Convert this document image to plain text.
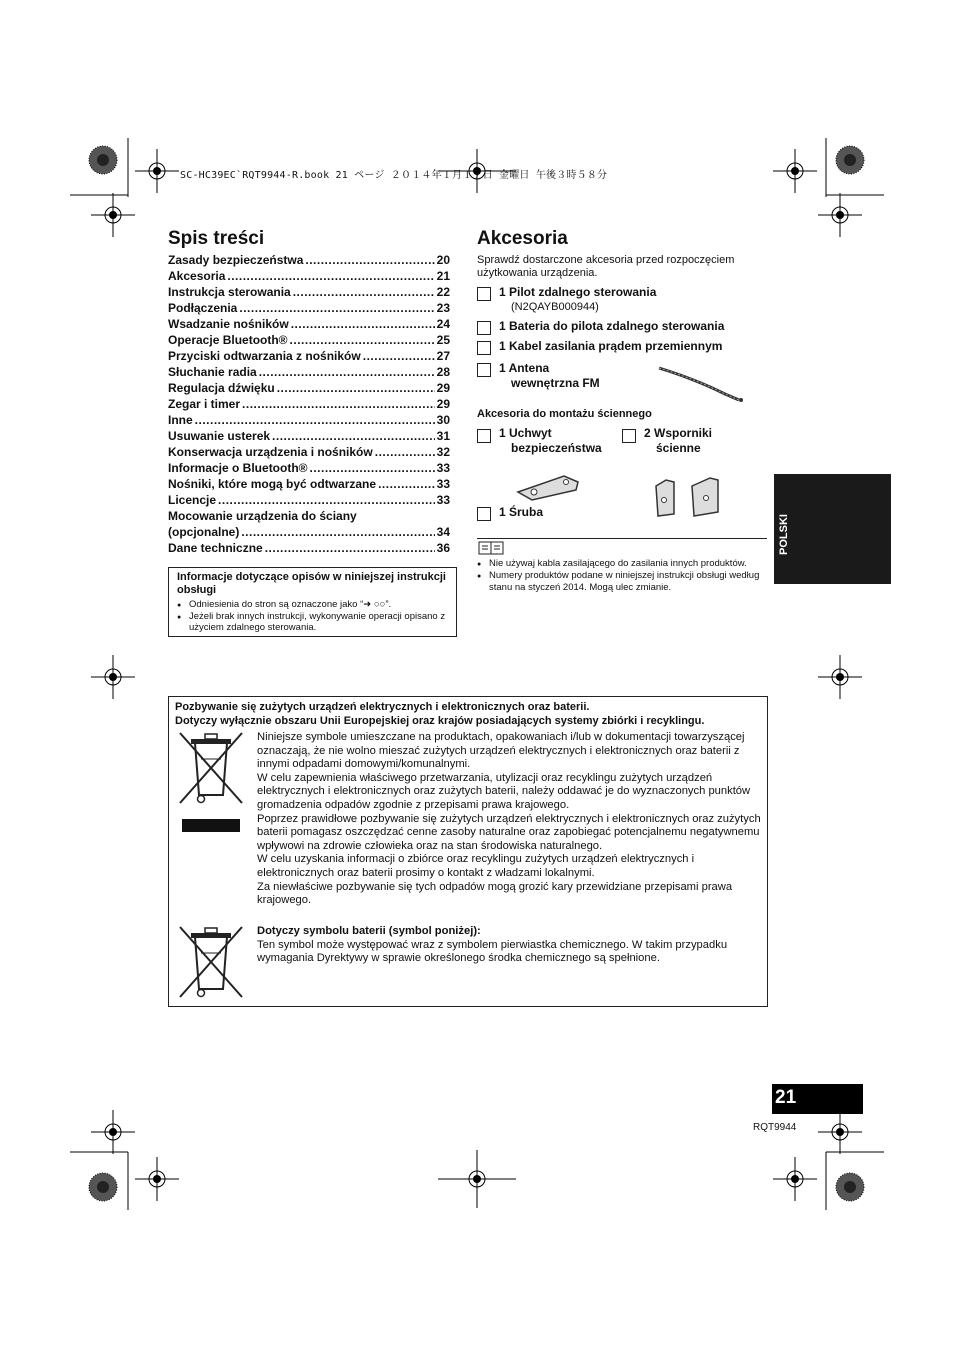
SC-HC39EC`RQT9944-R.book 21 ページ ２０１４年１月１７日 金曜日 午後３時５８分
Spis treści
Zasady bezpieczeństwa .....	20
Akcesoria .....	21
Instrukcja sterowania .....	22
Podłączenia .....	23
Wsadzanie nośników .....	24
Operacje Bluetooth® .....	25
Przyciski odtwarzania z nośników .....	27
Słuchanie radia .....	28
Regulacja dźwięku .....	29
Zegar i timer .....	29
Inne .....	30
Usuwanie usterek .....	31
Konserwacja urządzenia i nośników .....	32
Informacje o Bluetooth® .....	33
Nośniki, które mogą być odtwarzane .....	33
Licencje .....	33
Mocowanie urządzenia do ściany
(opcjonalne) .....	34
Dane techniczne .....	36
Informacje dotyczące opisów w niniejszej instrukcji obsługi
● Odniesienia do stron są oznaczone jako “➜ ○○”.
● Jeżeli brak innych instrukcji, wykonywanie operacji opisano z użyciem zdalnego sterowania.
Akcesoria
Sprawdź dostarczone akcesoria przed rozpoczęciem użytkowania urządzenia.
1 Pilot zdalnego sterowania
(N2QAYB000944)
1 Bateria do pilota zdalnego sterowania
1 Kabel zasilania prądem przemiennym
1 Antena
wewnętrzna FM
Akcesoria do montażu ściennego
1 Uchwyt
bezpieczeństwa
2 Wsporniki
ścienne
1 Śruba
● Nie używaj kabla zasilającego do zasilania innych produktów.
● Numery produktów podane w niniejszej instrukcji obsługi według stanu na styczeń 2014. Mogą ulec zmianie.
POLSKI
Pozbywanie się zużytych urządzeń elektrycznych i elektronicznych oraz baterii.
Dotyczy wyłącznie obszaru Unii Europejskiej oraz krajów posiadających systemy zbiórki i recyklingu.
Niniejsze symbole umieszczane na produktach, opakowaniach i/lub w dokumentacji towarzyszącej oznaczają, że nie wolno mieszać zużytych urządzeń elektrycznych i elektronicznych oraz baterii z innymi odpadami domowymi/komunalnymi.
W celu zapewnienia właściwego przetwarzania, utylizacji oraz recyklingu zużytych urządzeń elektrycznych i elektronicznych oraz zużytych baterii, należy oddawać je do wyznaczonych punktów gromadzenia odpadów zgodnie z przepisami prawa krajowego.
Poprzez prawidłowe pozbywanie się zużytych urządzeń elektrycznych i elektronicznych oraz zużytych baterii pomagasz oszczędzać cenne zasoby naturalne oraz zapobiegać potencjalnemu negatywnemu wpływowi na zdrowie człowieka oraz na stan środowiska naturalnego.
W celu uzyskania informacji o zbiórce oraz recyklingu zużytych urządzeń elektrycznych i elektronicznych oraz baterii prosimy o kontakt z władzami lokalnymi.
Za niewłaściwe pozbywanie się tych odpadów mogą grozić kary przewidziane przepisami prawa krajowego.
Dotyczy symbolu baterii (symbol poniżej):
Ten symbol może występować wraz z symbolem pierwiastka chemicznego. W takim przypadku wymagania Dyrektywy w sprawie określonego środka chemicznego są spełnione.
21
RQT9944
